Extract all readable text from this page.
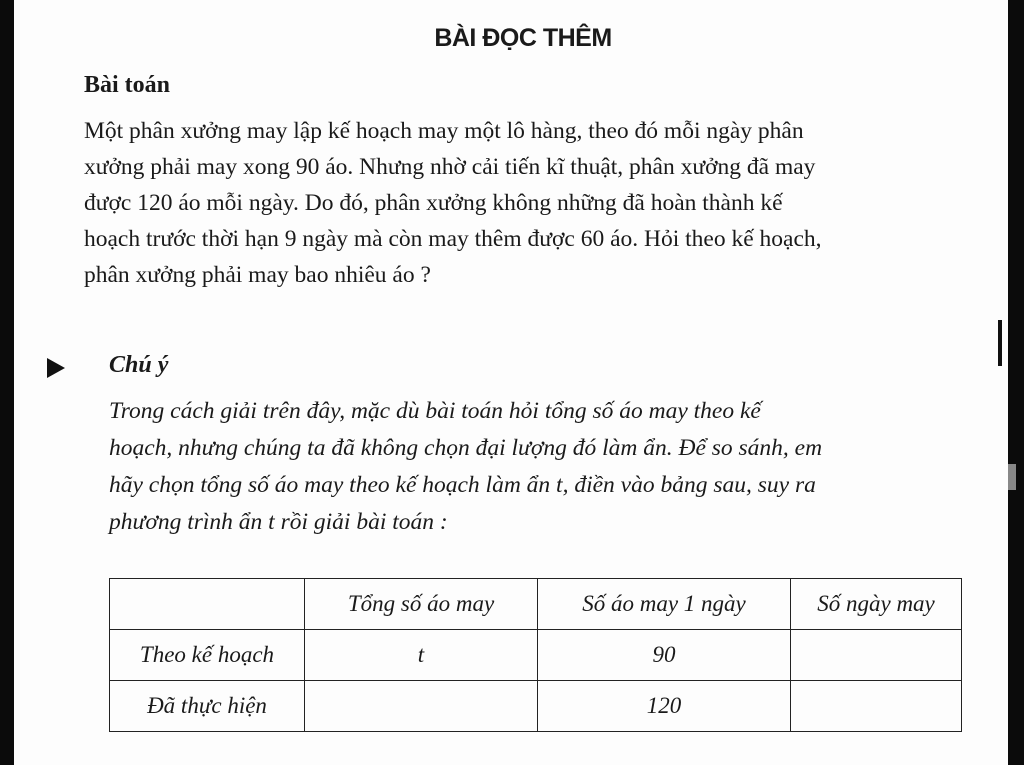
BÀI ĐỌC THÊM
Bài toán

Một phân xưởng may lập kế hoạch may một lô hàng, theo đó mỗi ngày phân

xưởng phải may xong 90 áo. Nhưng nhờ cải tiến kĩ thuật, phân xưởng đã may

được 120 áo mỗi ngày. Do đó, phân xưởng không những đã hoàn thành kế

hoạch trước thời hạn 9 ngày mà còn may thêm được 60 áo. Hỏi theo kế hoạch,

phân xưởng phải may bao nhiêu áo ?

Chú ý

Trong cách giải trên đây, mặc dù bài toán hỏi tổng số áo may theo kế

hoạch, nhưng chúng ta đã không chọn đại lượng đó làm ẩn. Để so sánh, em

hãy chọn tổng số áo may theo kế hoạch làm ẩn t, điền vào bảng sau, suy ra

phương trình ẩn t rồi giải bài toán :

	Tổng số áo may	Số áo may 1 ngày	Số ngày may
Theo kế hoạch	t	90	
Đã thực hiện		120	
